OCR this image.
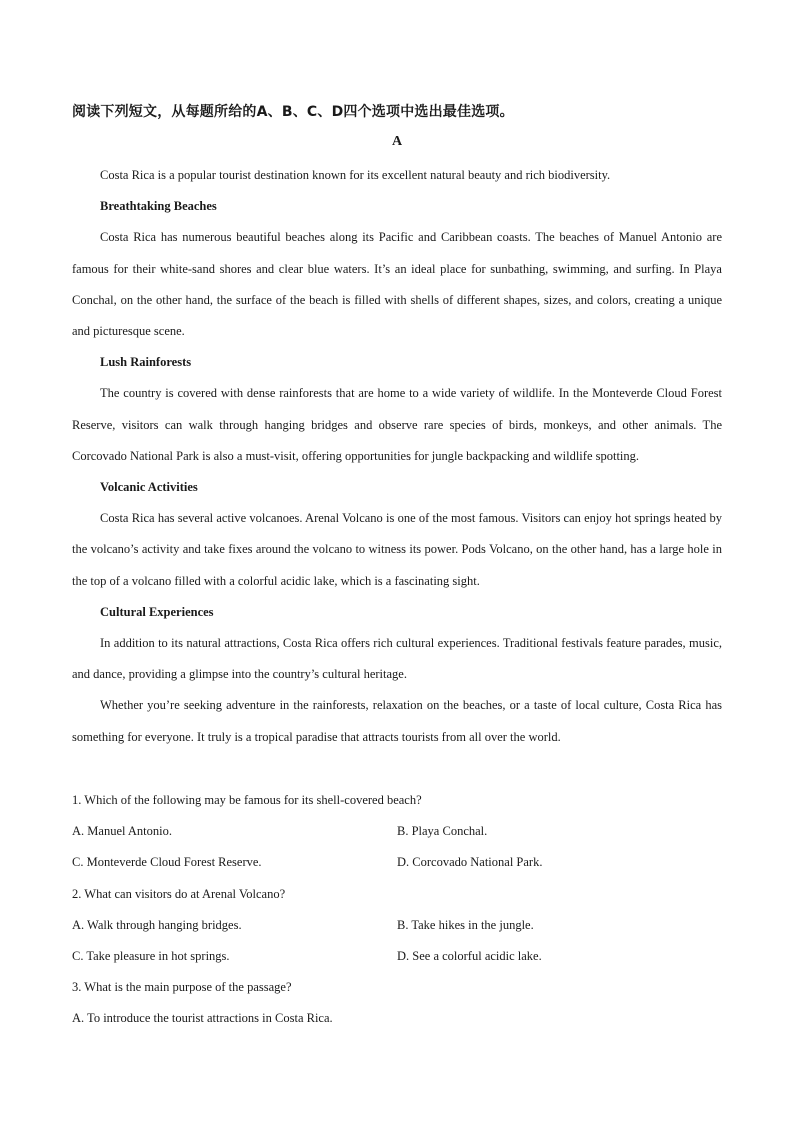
阅读下列短文，从每题所给的A、B、C、D四个选项中选出最佳选项。
A

Costa Rica is a popular tourist destination known for its excellent natural beauty and rich biodiversity.

Breathtaking Beaches

Costa Rica has numerous beautiful beaches along its Pacific and Caribbean coasts. The beaches of Manuel Antonio are famous for their white-sand shores and clear blue waters. It’s an ideal place for sunbathing, swimming, and surfing. In Playa Conchal, on the other hand, the surface of the beach is filled with shells of different shapes, sizes, and colors, creating a unique and picturesque scene.

Lush Rainforests

The country is covered with dense rainforests that are home to a wide variety of wildlife. In the Monteverde Cloud Forest Reserve, visitors can walk through hanging bridges and observe rare species of birds, monkeys, and other animals. The Corcovado National Park is also a must-visit, offering opportunities for jungle backpacking and wildlife spotting.

Volcanic Activities

Costa Rica has several active volcanoes. Arenal Volcano is one of the most famous. Visitors can enjoy hot springs heated by the volcano’s activity and take fixes around the volcano to witness its power. Pods Volcano, on the other hand, has a large hole in the top of a volcano filled with a colorful acidic lake, which is a fascinating sight.

Cultural Experiences

In addition to its natural attractions, Costa Rica offers rich cultural experiences. Traditional festivals feature parades, music, and dance, providing a glimpse into the country’s cultural heritage.

Whether you’re seeking adventure in the rainforests, relaxation on the beaches, or a taste of local culture, Costa Rica has something for everyone. It truly is a tropical paradise that attracts tourists from all over the world.

1. Which of the following may be famous for its shell-covered beach?

A. Manuel Antonio.	B. Playa Conchal.
C. Monteverde Cloud Forest Reserve.	D. Corcovado National Park.

2. What can visitors do at Arenal Volcano?

A. Walk through hanging bridges.	B. Take hikes in the jungle.
C. Take pleasure in hot springs.	D. See a colorful acidic lake.

3. What is the main purpose of the passage?

A. To introduce the tourist attractions in Costa Rica.
